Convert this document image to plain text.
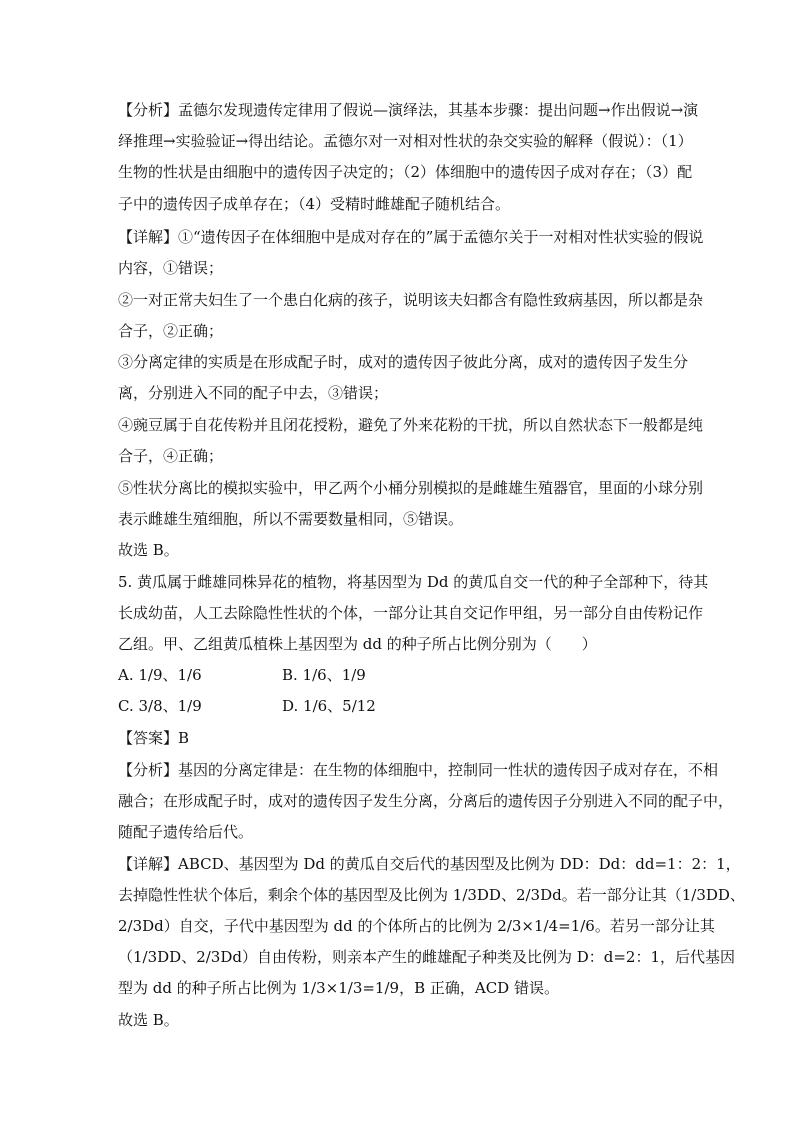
【分析】孟德尔发现遗传定律用了假说—演绎法，其基本步骤：提出问题→作出假说→演
绎推理→实验验证→得出结论。孟德尔对一对相对性状的杂交实验的解释（假说）：（1）
生物的性状是由细胞中的遗传因子决定的；（2）体细胞中的遗传因子成对存在；（3）配
子中的遗传因子成单存在；（4）受精时雌雄配子随机结合。
【详解】①“遗传因子在体细胞中是成对存在的”属于孟德尔关于一对相对性状实验的假说
内容，①错误；
②一对正常夫妇生了一个患白化病的孩子，说明该夫妇都含有隐性致病基因，所以都是杂
合子，②正确；
③分离定律的实质是在形成配子时，成对的遗传因子彼此分离，成对的遗传因子发生分
离，分别进入不同的配子中去，③错误；
④豌豆属于自花传粉并且闭花授粉，避免了外来花粉的干扰，所以自然状态下一般都是纯
合子，④正确；
⑤性状分离比的模拟实验中，甲乙两个小桶分别模拟的是雌雄生殖器官，里面的小球分别
表示雌雄生殖细胞，所以不需要数量相同，⑤错误。
故选 B。
5. 黄瓜属于雌雄同株异花的植物，将基因型为 Dd 的黄瓜自交一代的种子全部种下，待其
长成幼苗，人工去除隐性性状的个体，一部分让其自交记作甲组，另一部分自由传粉记作
乙组。甲、乙组黄瓜植株上基因型为 dd 的种子所占比例分别为（　　）
A. 1/9、1/6	B. 1/6、1/9
C. 3/8、1/9	D. 1/6、5/12
【答案】B
【分析】基因的分离定律是：在生物的体细胞中，控制同一性状的遗传因子成对存在，不相
融合；在形成配子时，成对的遗传因子发生分离，分离后的遗传因子分别进入不同的配子中，
随配子遗传给后代。
【详解】ABCD、基因型为 Dd 的黄瓜自交后代的基因型及比例为 DD：Dd：dd=1：2：1，
去掉隐性性状个体后，剩余个体的基因型及比例为 1/3DD、2/3Dd。若一部分让其（1/3DD、
2/3Dd）自交，子代中基因型为 dd 的个体所占的比例为 2/3×1/4=1/6。若另一部分让其
（1/3DD、2/3Dd）自由传粉，则亲本产生的雌雄配子种类及比例为 D：d=2：1，后代基因
型为 dd 的种子所占比例为 1/3×1/3=1/9，B 正确，ACD 错误。
故选 B。
